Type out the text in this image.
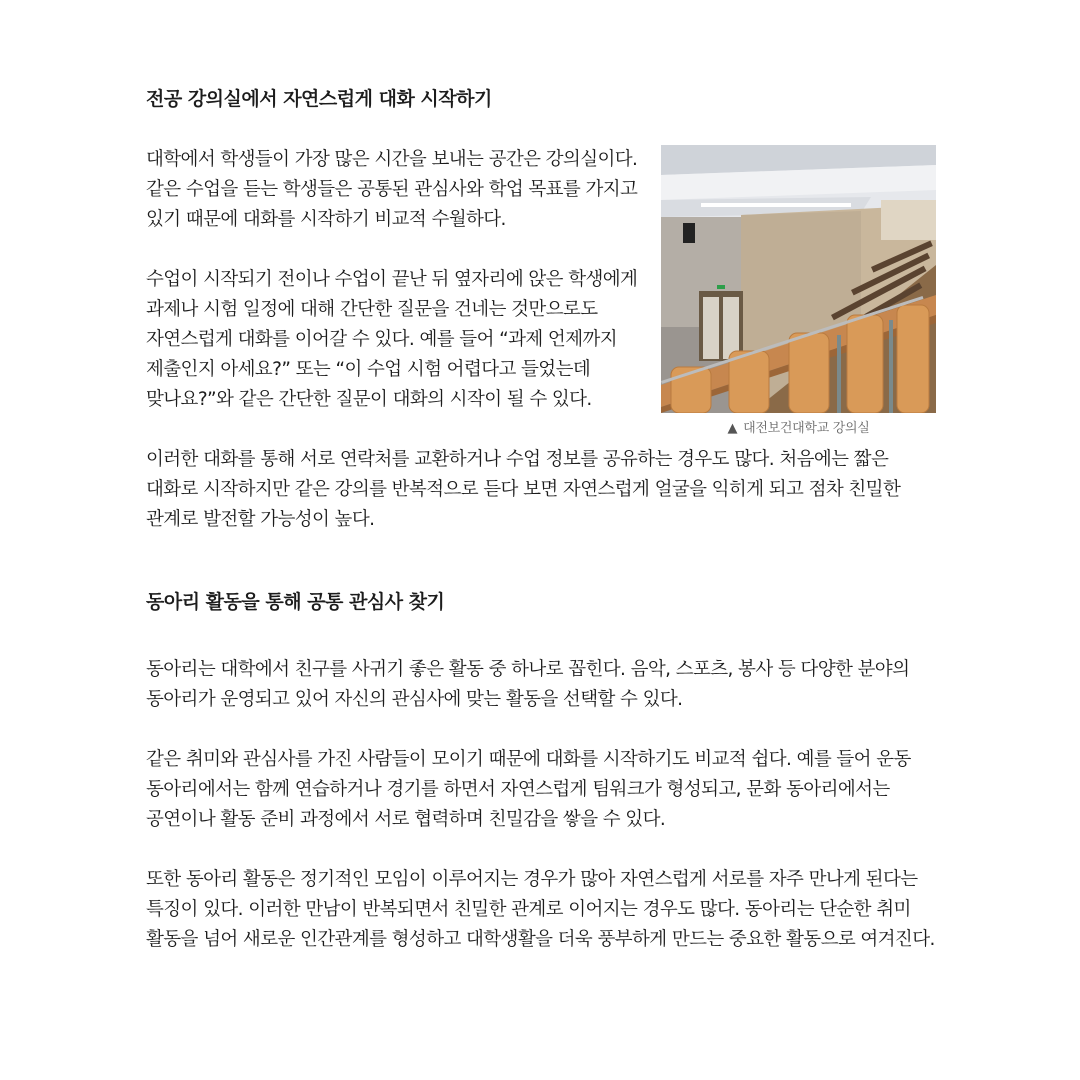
전공 강의실에서 자연스럽게 대화 시작하기

대학에서 학생들이 가장 많은 시간을 보내는 공간은 강의실이다. 같은 수업을 듣는 학생들은 공통된 관심사와 학업 목표를 가지고 있기 때문에 대화를 시작하기 비교적 수월하다.

수업이 시작되기 전이나 수업이 끝난 뒤 옆자리에 앉은 학생에게 과제나 시험 일정에 대해 간단한 질문을 건네는 것만으로도 자연스럽게 대화를 이어갈 수 있다. 예를 들어 “과제 언제까지 제출인지 아세요?” 또는 “이 수업 시험 어렵다고 들었는데 맞나요?”와 같은 간단한 질문이 대화의 시작이 될 수 있다.

▲ 대전보건대학교 강의실

이러한 대화를 통해 서로 연락처를 교환하거나 수업 정보를 공유하는 경우도 많다. 처음에는 짧은 대화로 시작하지만 같은 강의를 반복적으로 듣다 보면 자연스럽게 얼굴을 익히게 되고 점차 친밀한 관계로 발전할 가능성이 높다.

동아리 활동을 통해 공통 관심사 찾기

동아리는 대학에서 친구를 사귀기 좋은 활동 중 하나로 꼽힌다. 음악, 스포츠, 봉사 등 다양한 분야의 동아리가 운영되고 있어 자신의 관심사에 맞는 활동을 선택할 수 있다.

같은 취미와 관심사를 가진 사람들이 모이기 때문에 대화를 시작하기도 비교적 쉽다. 예를 들어 운동 동아리에서는 함께 연습하거나 경기를 하면서 자연스럽게 팀워크가 형성되고, 문화 동아리에서는 공연이나 활동 준비 과정에서 서로 협력하며 친밀감을 쌓을 수 있다.

또한 동아리 활동은 정기적인 모임이 이루어지는 경우가 많아 자연스럽게 서로를 자주 만나게 된다는 특징이 있다. 이러한 만남이 반복되면서 친밀한 관계로 이어지는 경우도 많다. 동아리는 단순한 취미 활동을 넘어 새로운 인간관계를 형성하고 대학생활을 더욱 풍부하게 만드는 중요한 활동으로 여겨진다.
